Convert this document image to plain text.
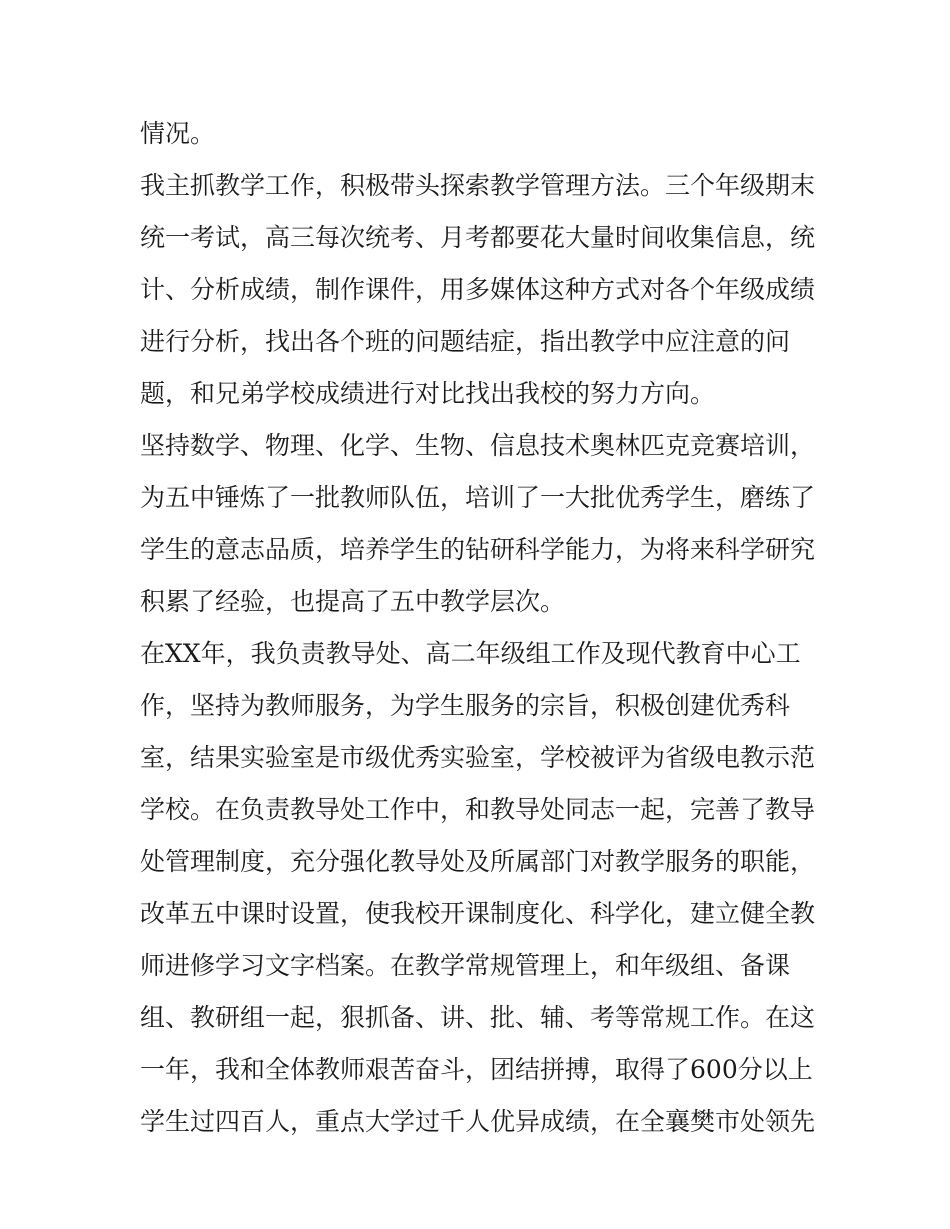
情况。
我主抓教学工作，积极带头探索教学管理方法。三个年级期末
统一考试，高三每次统考、月考都要花大量时间收集信息，统
计、分析成绩，制作课件，用多媒体这种方式对各个年级成绩
进行分析，找出各个班的问题结症，指出教学中应注意的问
题，和兄弟学校成绩进行对比找出我校的努力方向。
坚持数学、物理、化学、生物、信息技术奥林匹克竞赛培训，
为五中锤炼了一批教师队伍，培训了一大批优秀学生，磨练了
学生的意志品质，培养学生的钻研科学能力，为将来科学研究
积累了经验，也提高了五中教学层次。
在XX年，我负责教导处、高二年级组工作及现代教育中心工
作，坚持为教师服务，为学生服务的宗旨，积极创建优秀科
室，结果实验室是市级优秀实验室，学校被评为省级电教示范
学校。在负责教导处工作中，和教导处同志一起，完善了教导
处管理制度，充分强化教导处及所属部门对教学服务的职能，
改革五中课时设置，使我校开课制度化、科学化，建立健全教
师进修学习文字档案。在教学常规管理上，和年级组、备课
组、教研组一起，狠抓备、讲、批、辅、考等常规工作。在这
一年，我和全体教师艰苦奋斗，团结拼搏，取得了600分以上
学生过四百人，重点大学过千人优异成绩，在全襄樊市处领先
